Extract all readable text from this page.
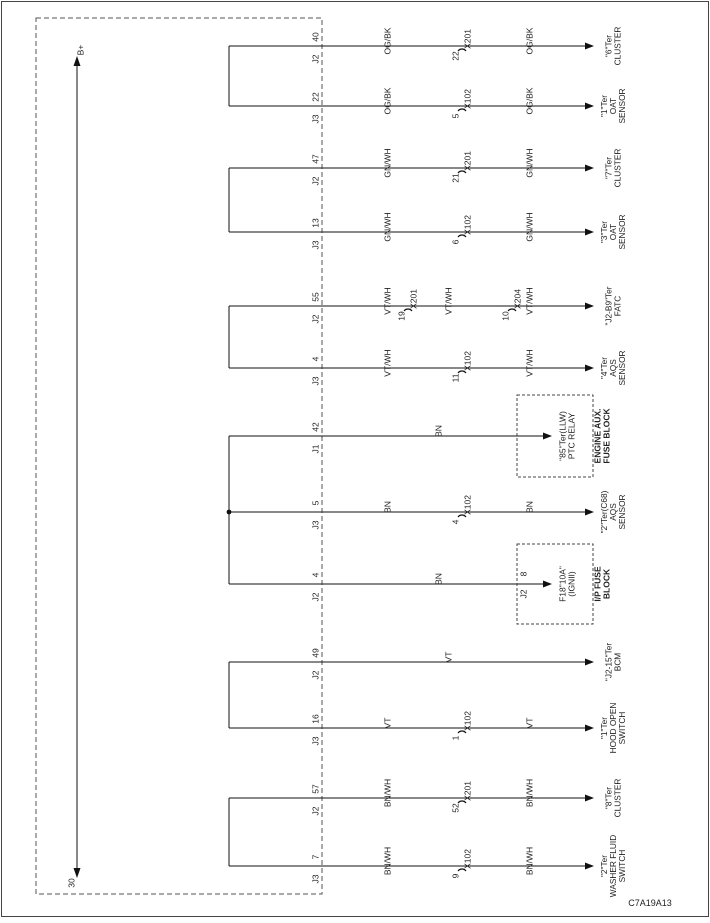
B+
30
C7A19A13
J2
40	OG/BK	OG/BK
22
X201	"6"Ter CLUSTER
J3
22	OG/BK	OG/BK
5
X102	"1"Ter OAT SENSOR
J2
47	GN/WH	GN/WH
21
X201	"7"Ter CLUSTER
J3
13	GN/WH	GN/WH
6
X102	"3"Ter OAT SENSOR
J2
55	VT/WH	VT/WH	VT/WH
19
X201
10
X204	"J2-B9"Ter FATC
J3
4	VT/WH	VT/WH
11
X102	"4"Ter AQS SENSOR
J1
42	BN	"85"Ter(LLW) PTC RELAY ENGINE AUX. FUSE BLOCK
J3
5	BN	BN
4
X102	"2"Ter(C68) AQS SENSOR
J2
4	BN
J2
8	F18"10A" (IGNII) I/P FUSE BLOCK
J2
49	VT	"J2-15"Ter BCM
J3
16	VT	VT
1
X102	"1"Ter HOOD OPEN SWITCH
J2
57	BN/WH	BN/WH
52
X201	"8"Ter CLUSTER
J3
7	BN/WH	BN/WH
9
X102	"2"Ter WASHER FLUID SWITCH
